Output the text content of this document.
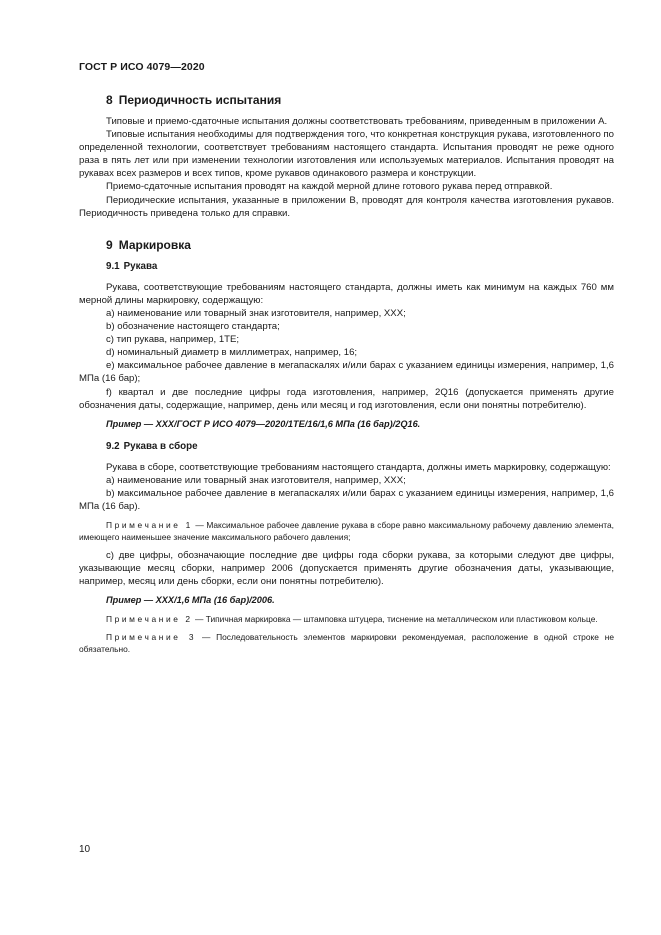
ГОСТ Р ИСО 4079—2020
8 Периодичность испытания

Типовые и приемо-сдаточные испытания должны соответствовать требованиям, приведенным в приложении А.

Типовые испытания необходимы для подтверждения того, что конкретная конструкция рукава, изготовленного по определенной технологии, соответствует требованиям настоящего стандарта. Испытания проводят не реже одного раза в пять лет или при изменении технологии изготовления или используемых материалов. Испытания проводят на рукавах всех размеров и всех типов, кроме рукавов одинакового размера и конструкции.

Приемо-сдаточные испытания проводят на каждой мерной длине готового рукава перед отправкой.

Периодические испытания, указанные в приложении В, проводят для контроля качества изготовления рукавов. Периодичность приведена только для справки.

9 Маркировка
9.1 Рукава

Рукава, соответствующие требованиям настоящего стандарта, должны иметь как минимум на каждых 760 мм мерной длины маркировку, содержащую:

a) наименование или товарный знак изготовителя, например, XXX;

b) обозначение настоящего стандарта;

c) тип рукава, например, 1TE;

d) номинальный диаметр в миллиметрах, например, 16;

e) максимальное рабочее давление в мегапаскалях и/или барах с указанием единицы измерения, например, 1,6 МПа (16 бар);

f) квартал и две последние цифры года изготовления, например, 2Q16 (допускается применять другие обозначения даты, содержащие, например, день или месяц и год изготовления, если они понятны потребителю).

Пример — XXX/ГОСТ Р ИСО 4079—2020/1TE/16/1,6 МПа (16 бар)/2Q16.

9.2 Рукава в сборе

Рукава в сборе, соответствующие требованиям настоящего стандарта, должны иметь маркировку, содержащую:

a) наименование или товарный знак изготовителя, например, XXX;

b) максимальное рабочее давление в мегапаскалях и/или барах с указанием единицы измерения, например, 1,6 МПа (16 бар).

Примечание 1 — Максимальное рабочее давление рукава в сборе равно максимальному рабочему давлению элемента, имеющего наименьшее значение максимального рабочего давления;

c) две цифры, обозначающие последние две цифры года сборки рукава, за которыми следуют две цифры, указывающие месяц сборки, например 2006 (допускается применять другие обозначения даты, указывающие, например, месяц или день сборки, если они понятны потребителю).

Пример — XXX/1,6 МПа (16 бар)/2006.

Примечание 2 — Типичная маркировка — штамповка штуцера, тиснение на металлическом или пластиковом кольце.

Примечание 3 — Последовательность элементов маркировки рекомендуемая, расположение в одной строке не обязательно.

10
